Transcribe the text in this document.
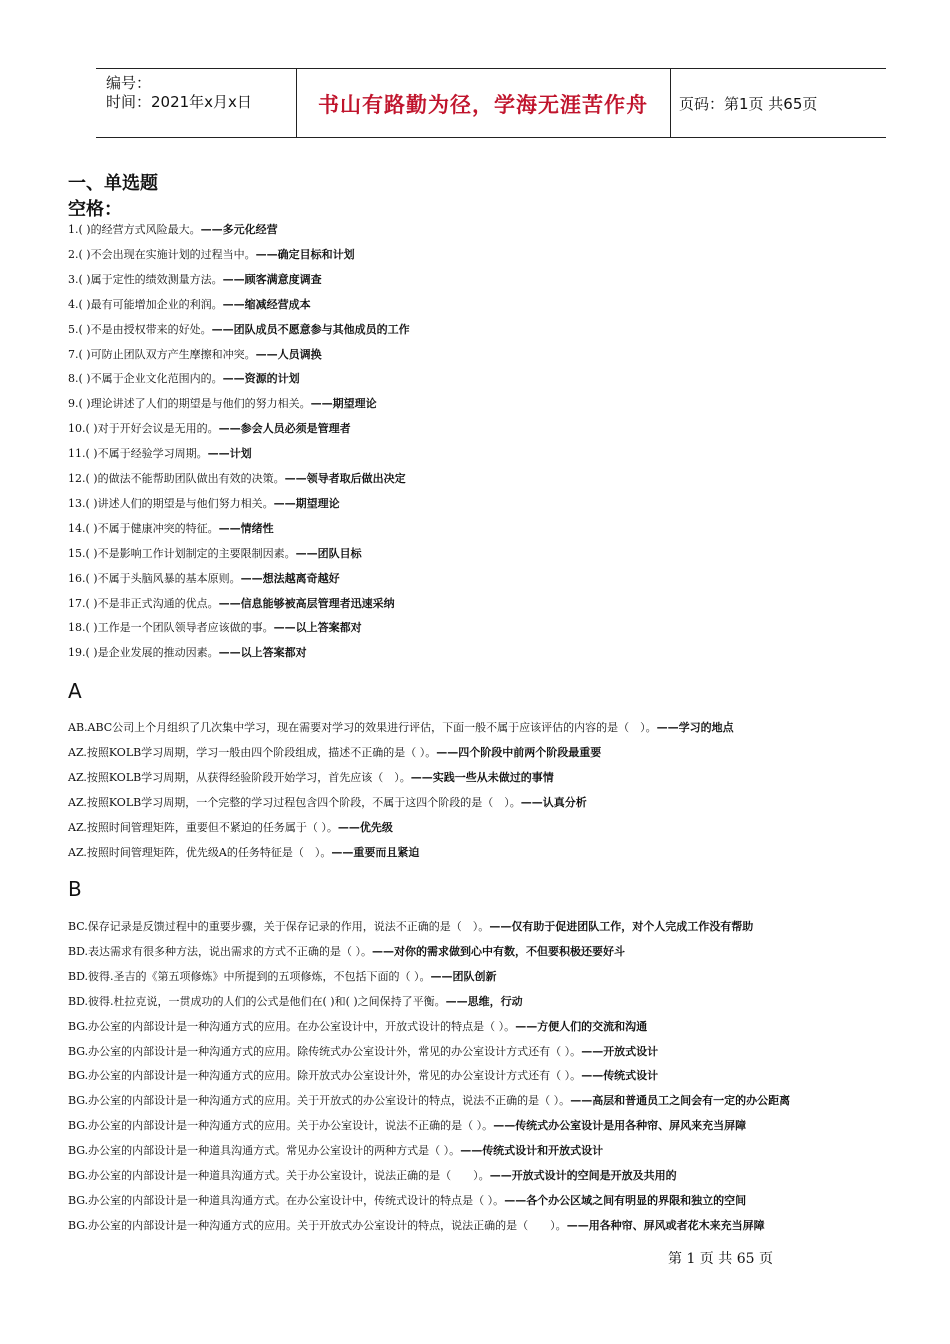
编号：
时间：2021年x月x日	书山有路勤为径，学海无涯苦作舟	页码：第1页 共65页
一、单选题
空格：
1.( )的经营方式风险最大。——多元化经营
2.( )不会出现在实施计划的过程当中。——确定目标和计划
3.( )属于定性的绩效测量方法。——顾客满意度调查
4.( )最有可能增加企业的利润。——缩减经营成本
5.( )不是由授权带来的好处。——团队成员不愿意参与其他成员的工作
7.( )可防止团队双方产生摩擦和冲突。——人员调换
8.( )不属于企业文化范围内的。——资源的计划
9.( )理论讲述了人们的期望是与他们的努力相关。——期望理论
10.( )对于开好会议是无用的。——参会人员必须是管理者
11.( )不属于经验学习周期。——计划
12.( )的做法不能帮助团队做出有效的决策。——领导者取后做出决定
13.( )讲述人们的期望是与他们努力相关。——期望理论
14.( )不属于健康冲突的特征。——情绪性
15.( )不是影响工作计划制定的主要限制因素。——团队目标
16.( )不属于头脑风暴的基本原则。——想法越离奇越好
17.( )不是非正式沟通的优点。——信息能够被高层管理者迅速采纳
18.( )工作是一个团队领导者应该做的事。——以上答案都对
19.( )是企业发展的推动因素。——以上答案都对
A
AB.ABC公司上个月组织了几次集中学习，现在需要对学习的效果进行评估，下面一般不属于应该评估的内容的是（　）。——学习的地点
AZ.按照KOLB学习周期，学习一般由四个阶段组成，描述不正确的是（ ）。——四个阶段中前两个阶段最重要
AZ.按照KOLB学习周期，从获得经验阶段开始学习，首先应该（　）。——实践一些从未做过的事情
AZ.按照KOLB学习周期，一个完整的学习过程包含四个阶段，不属于这四个阶段的是（　）。——认真分析
AZ.按照时间管理矩阵，重要但不紧迫的任务属于（ ）。——优先级
AZ.按照时间管理矩阵，优先级A的任务特征是（　）。——重要而且紧迫
B
BC.保存记录是反馈过程中的重要步骤，关于保存记录的作用，说法不正确的是（　）。——仅有助于促进团队工作，对个人完成工作没有帮助
BD.表达需求有很多种方法，说出需求的方式不正确的是（ ）。——对你的需求做到心中有数，不但要积极还要好斗
BD.彼得.圣吉的《第五项修炼》中所提到的五项修炼，不包括下面的（ ）。——团队创新
BD.彼得.杜拉克说，一贯成功的人们的公式是他们在( )和( )之间保持了平衡。——思维，行动
BG.办公室的内部设计是一种沟通方式的应用。在办公室设计中，开放式设计的特点是（ ）。——方便人们的交流和沟通
BG.办公室的内部设计是一种沟通方式的应用。除传统式办公室设计外，常见的办公室设计方式还有（ ）。——开放式设计
BG.办公室的内部设计是一种沟通方式的应用。除开放式办公室设计外，常见的办公室设计方式还有（ ）。——传统式设计
BG.办公室的内部设计是一种沟通方式的应用。关于开放式的办公室设计的特点，说法不正确的是（ ）。——高层和普通员工之间会有一定的办公距离
BG.办公室的内部设计是一种沟通方式的应用。关于办公室设计，说法不正确的是（ ）。——传统式办公室设计是用各种帘、屏风来充当屏障
BG.办公室的内部设计是一种道具沟通方式。常见办公室设计的两种方式是（ ）。——传统式设计和开放式设计
BG.办公室的内部设计是一种道具沟通方式。关于办公室设计，说法正确的是（　　）。——开放式设计的空间是开放及共用的
BG.办公室的内部设计是一种道具沟通方式。在办公室设计中，传统式设计的特点是（ ）。——各个办公区域之间有明显的界限和独立的空间
BG.办公室的内部设计是一种沟通方式的应用。关于开放式办公室设计的特点，说法正确的是（　　）。——用各种帘、屏风或者花木来充当屏障
第 1 页 共 65 页
